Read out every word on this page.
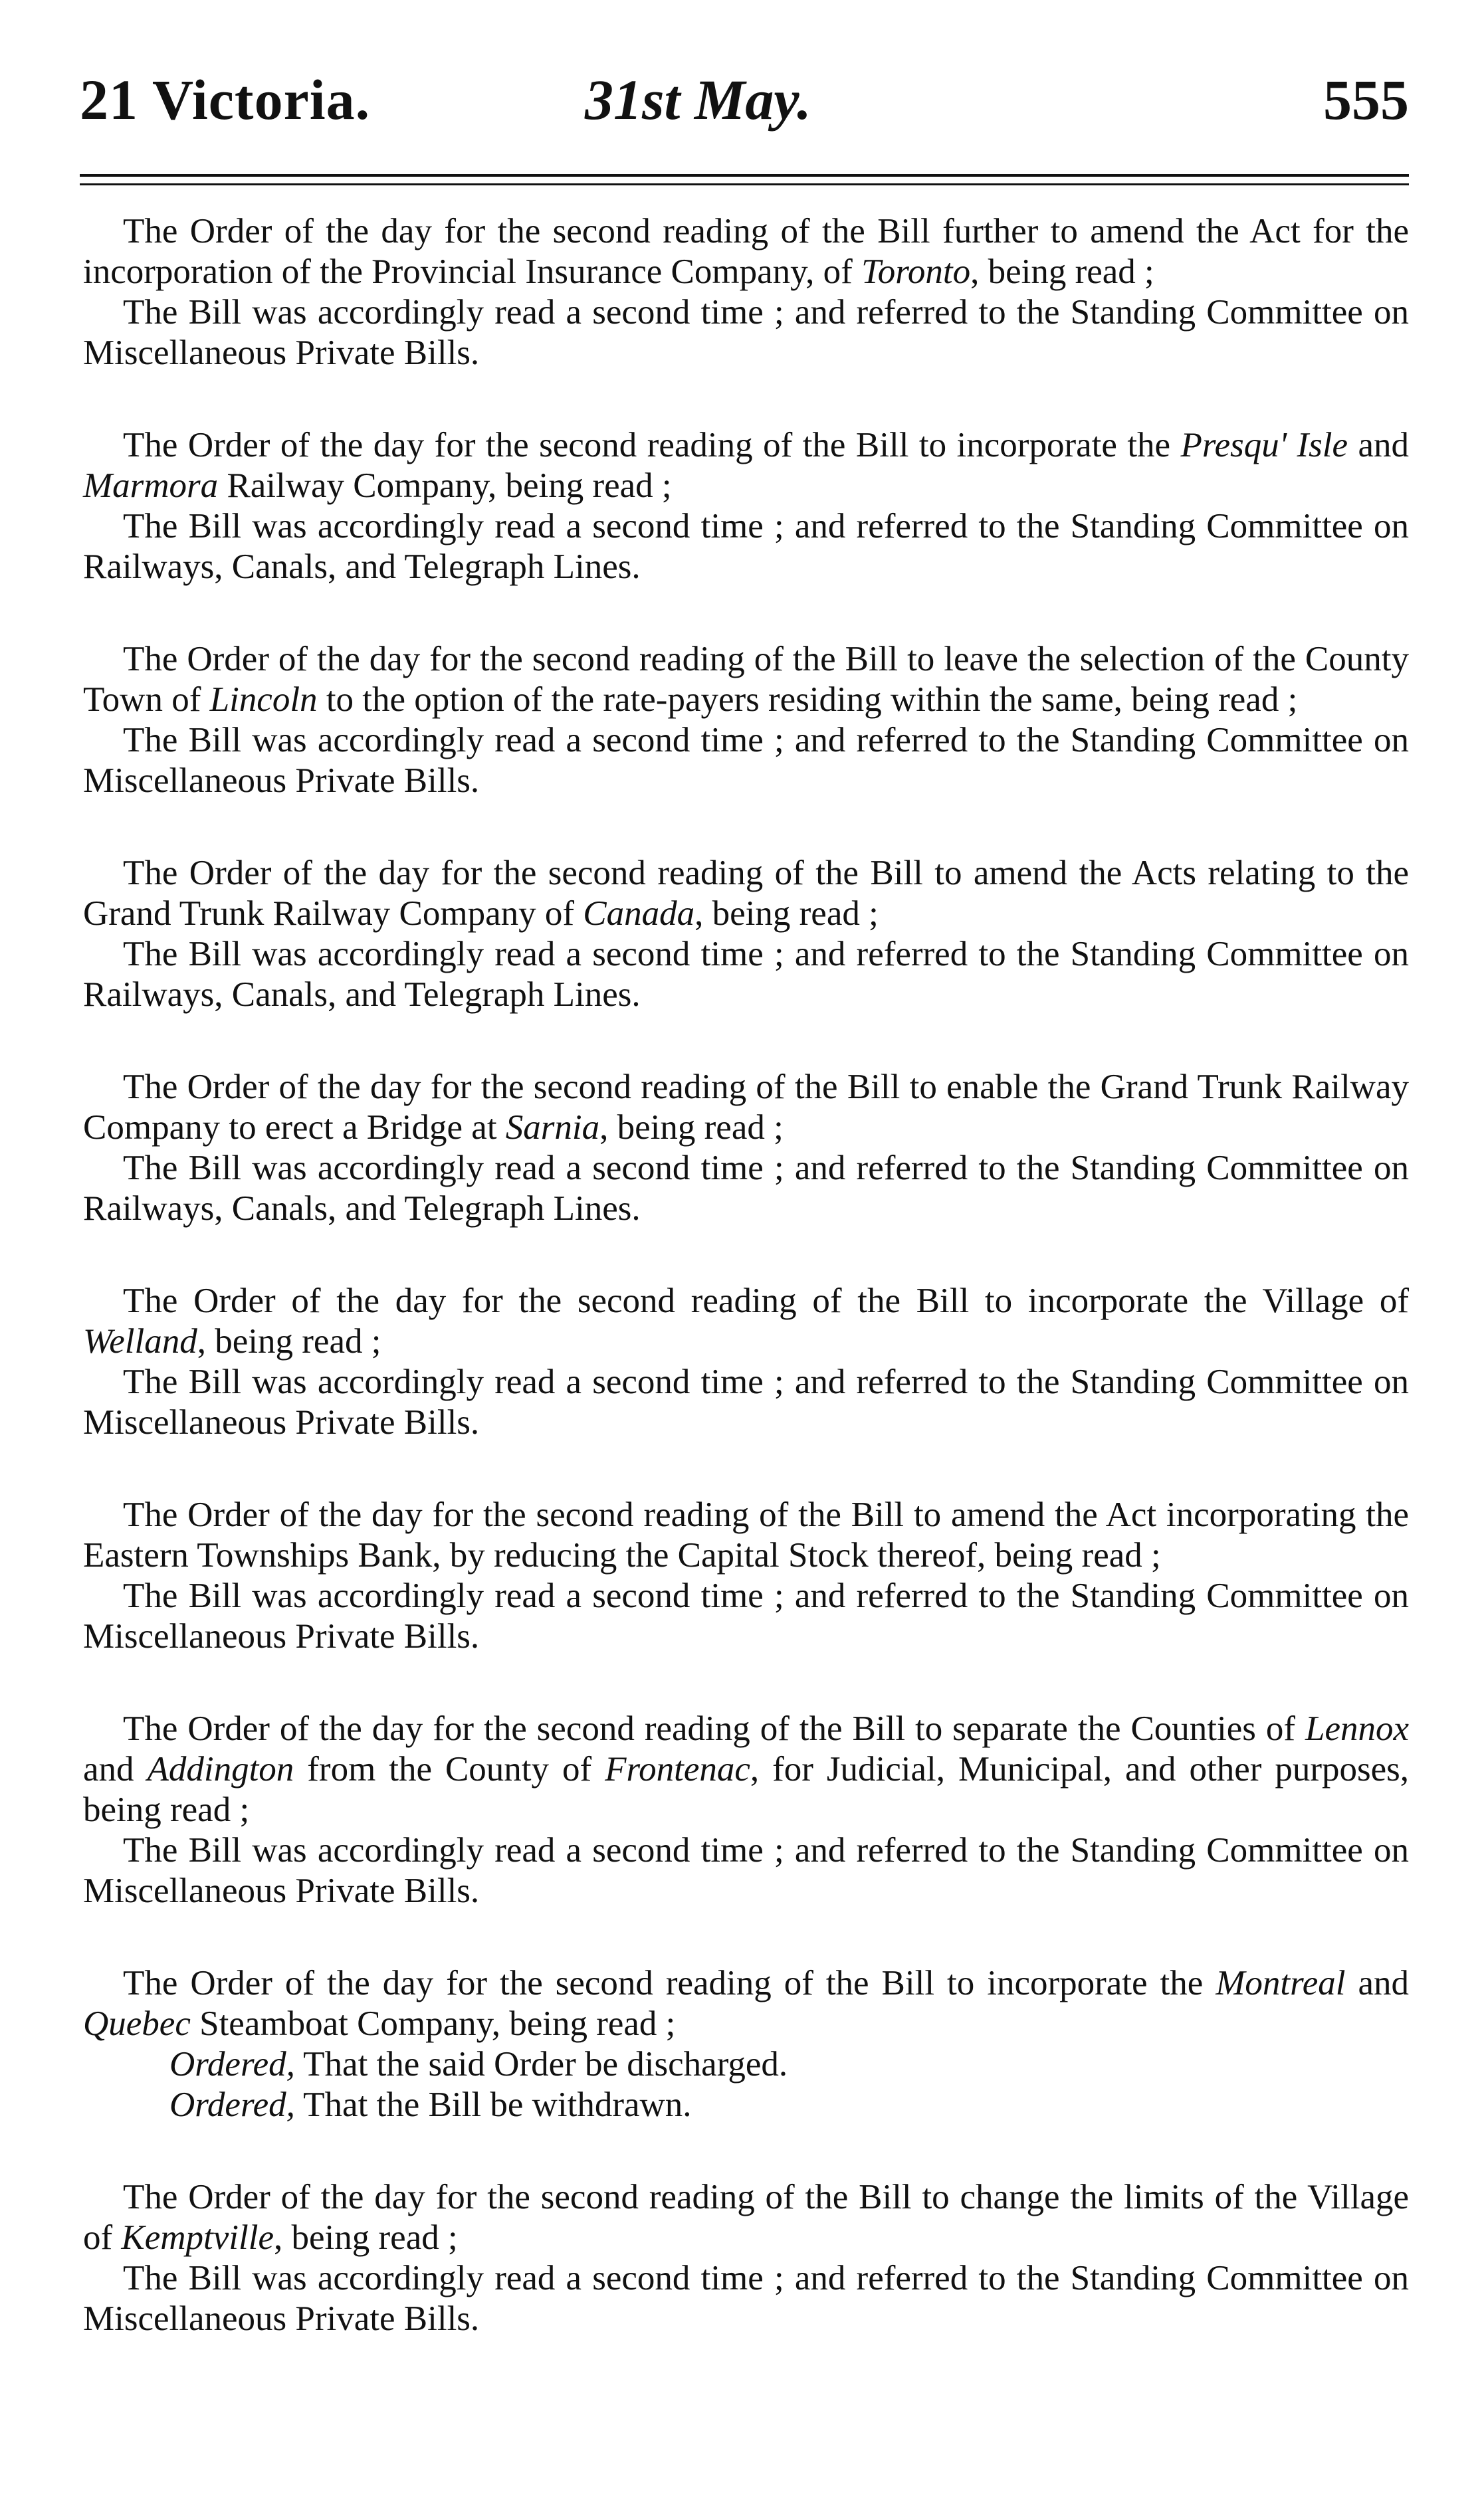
21 Victoria.	31st May.	555

The Order of the day for the second reading of the Bill further to amend the Act for the incorporation of the Provincial Insurance Company, of Toronto, being read ;

The Bill was accordingly read a second time ; and referred to the Standing Committee on Miscellaneous Private Bills.

The Order of the day for the second reading of the Bill to incorporate the Presqu' Isle and Marmora Railway Company, being read ;

The Bill was accordingly read a second time ; and referred to the Standing Committee on Railways, Canals, and Telegraph Lines.

The Order of the day for the second reading of the Bill to leave the selection of the County Town of Lincoln to the option of the rate-payers residing within the same, being read ;

The Bill was accordingly read a second time ; and referred to the Standing Committee on Miscellaneous Private Bills.

The Order of the day for the second reading of the Bill to amend the Acts relating to the Grand Trunk Railway Company of Canada, being read ;

The Bill was accordingly read a second time ; and referred to the Standing Committee on Railways, Canals, and Telegraph Lines.

The Order of the day for the second reading of the Bill to enable the Grand Trunk Railway Company to erect a Bridge at Sarnia, being read ;

The Bill was accordingly read a second time ; and referred to the Standing Committee on Railways, Canals, and Telegraph Lines.

The Order of the day for the second reading of the Bill to incorporate the Village of Welland, being read ;

The Bill was accordingly read a second time ; and referred to the Standing Committee on Miscellaneous Private Bills.

The Order of the day for the second reading of the Bill to amend the Act incorporating the Eastern Townships Bank, by reducing the Capital Stock thereof, being read ;

The Bill was accordingly read a second time ; and referred to the Standing Committee on Miscellaneous Private Bills.

The Order of the day for the second reading of the Bill to separate the Counties of Lennox and Addington from the County of Frontenac, for Judicial, Municipal, and other purposes, being read ;

The Bill was accordingly read a second time ; and referred to the Standing Committee on Miscellaneous Private Bills.

The Order of the day for the second reading of the Bill to incorporate the Montreal and Quebec Steamboat Company, being read ;

Ordered, That the said Order be discharged.

Ordered, That the Bill be withdrawn.

The Order of the day for the second reading of the Bill to change the limits of the Village of Kemptville, being read ;

The Bill was accordingly read a second time ; and referred to the Standing Committee on Miscellaneous Private Bills.
